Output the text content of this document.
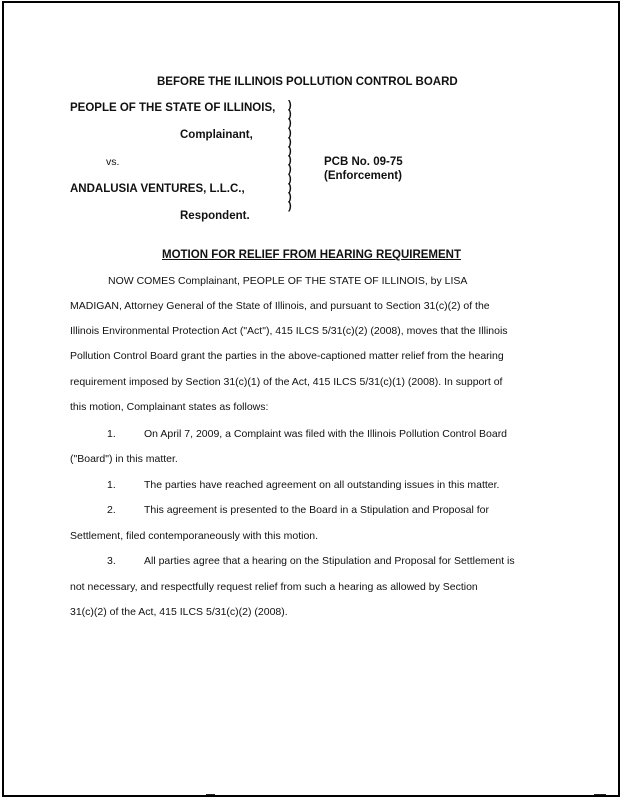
BEFORE THE ILLINOIS POLLUTION CONTROL BOARD
PEOPLE OF THE STATE OF ILLINOIS,
Complainant,
vs.
ANDALUSIA VENTURES, L.L.C.,
Respondent.
)
)
)
)
)
)
)
)
)
)
)
)
PCB No. 09-75
(Enforcement)
MOTION FOR RELIEF FROM HEARING REQUIREMENT
NOW COMES Complainant, PEOPLE OF THE STATE OF ILLINOIS, by LISA
MADIGAN, Attorney General of the State of Illinois, and pursuant to Section 31(c)(2) of the
Illinois Environmental Protection Act ("Act"), 415 ILCS 5/31(c)(2) (2008), moves that the Illinois
Pollution Control Board grant the parties in the above-captioned matter relief from the hearing
requirement imposed by Section 31(c)(1) of the Act, 415 ILCS 5/31(c)(1) (2008). In support of
this motion, Complainant states as follows:
1.	On April 7, 2009, a Complaint was filed with the Illinois Pollution Control Board
("Board") in this matter.
1.	The parties have reached agreement on all outstanding issues in this matter.
2.	This agreement is presented to the Board in a Stipulation and Proposal for
Settlement, filed contemporaneously with this motion.
3.	All parties agree that a hearing on the Stipulation and Proposal for Settlement is
not necessary, and respectfully request relief from such a hearing as allowed by Section
31(c)(2) of the Act, 415 ILCS 5/31(c)(2) (2008).
